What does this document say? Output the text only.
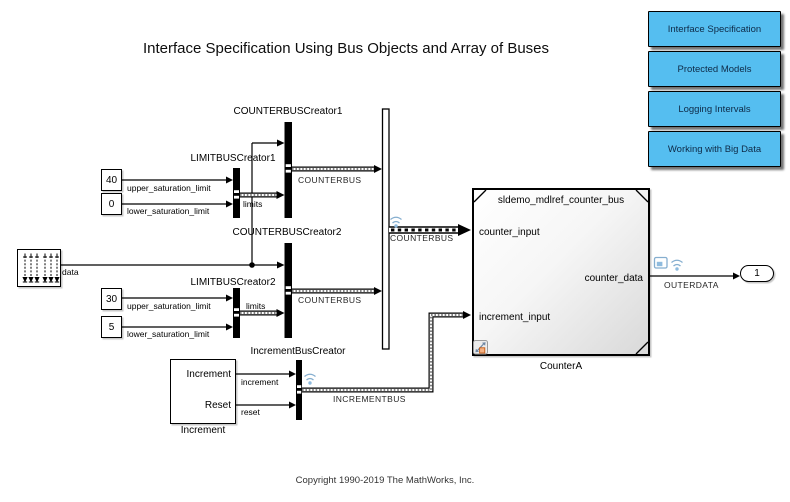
Interface Specification Using Bus Objects and Array of Buses
Copyright 1990-2019 The MathWorks, Inc.
Interface Specification
Protected Models
Logging Intervals
Working with Big Data
data
40
0
30
5
upper_saturation_limit
lower_saturation_limit
upper_saturation_limit
lower_saturation_limit
limits
limits
COUNTERBUSCreator1
LIMITBUSCreator1
COUNTERBUSCreator2
LIMITBUSCreator2
IncrementBusCreator
COUNTERBUS
COUNTERBUS
COUNTERBUS
INCREMENTBUS
OUTERDATA
Increment
Reset
Increment
increment
reset
sldemo_mdlref_counter_bus
counter_input
increment_input
counter_data
CounterA
1
